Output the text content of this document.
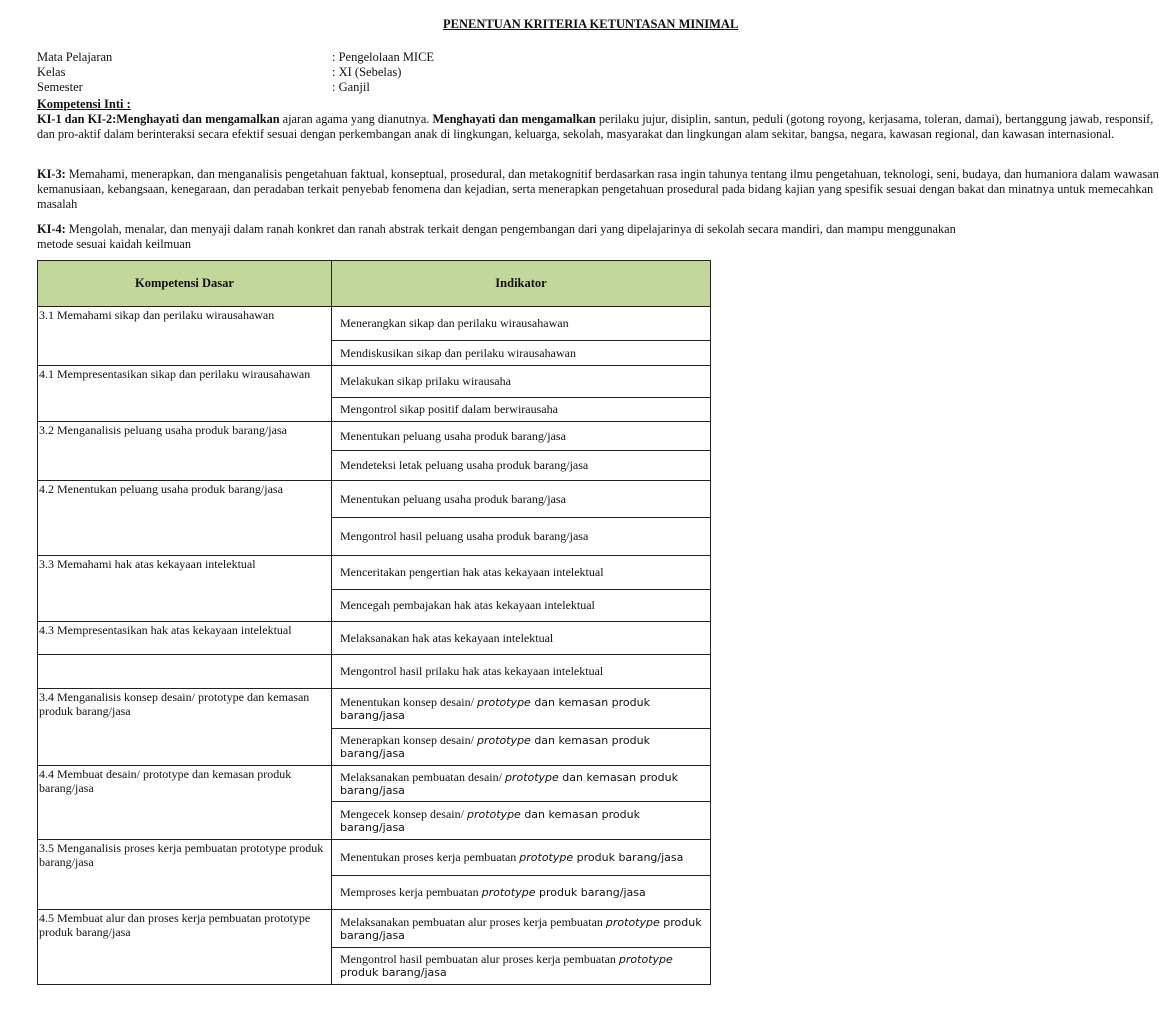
PENENTUAN KRITERIA KETUNTASAN MINIMAL
Mata Pelajaran	: Pengelolaan MICE
Kelas	: XI (Sebelas)
Semester	: Ganjil
Kompetensi Inti :
KI-1 dan KI-2:Menghayati dan mengamalkan ajaran agama yang dianutnya. Menghayati dan mengamalkan perilaku jujur, disiplin, santun, peduli (gotong royong, kerjasama, toleran, damai), bertanggung jawab, responsif,
dan pro-aktif dalam berinteraksi secara efektif sesuai dengan perkembangan anak di lingkungan, keluarga, sekolah, masyarakat dan lingkungan alam sekitar, bangsa, negara, kawasan regional, dan kawasan internasional.
KI-3: Memahami, menerapkan, dan menganalisis pengetahuan faktual, konseptual, prosedural, dan metakognitif berdasarkan rasa ingin tahunya tentang ilmu pengetahuan, teknologi, seni, budaya, dan humaniora dalam wawasan
kemanusiaan, kebangsaan, kenegaraan, dan peradaban terkait penyebab fenomena dan kejadian, serta menerapkan pengetahuan prosedural pada bidang kajian yang spesifik sesuai dengan bakat dan minatnya untuk memecahkan
masalah
KI-4: Mengolah, menalar, dan menyaji dalam ranah konkret dan ranah abstrak terkait dengan pengembangan dari yang dipelajarinya di sekolah secara mandiri, dan mampu menggunakan
metode sesuai kaidah keilmuan
Kompetensi Dasar	Indikator
3.1 Memahami sikap dan perilaku wirausahawan	Menerangkan sikap dan perilaku wirausahawan
	Mendiskusikan sikap dan perilaku wirausahawan
4.1 Mempresentasikan sikap dan perilaku wirausahawan	Melakukan sikap prilaku wirausaha
	Mengontrol sikap positif dalam berwirausaha
3.2 Menganalisis peluang usaha produk barang/jasa	Menentukan peluang usaha produk barang/jasa
	Mendeteksi letak peluang usaha produk barang/jasa
4.2 Menentukan peluang usaha produk barang/jasa	Menentukan peluang usaha produk barang/jasa
	Mengontrol hasil peluang usaha produk barang/jasa
3.3 Memahami hak atas kekayaan intelektual	Menceritakan pengertian hak atas kekayaan intelektual
	Mencegah pembajakan hak atas kekayaan intelektual
4.3 Mempresentasikan hak atas kekayaan intelektual	Melaksanakan hak atas kekayaan intelektual
	Mengontrol hasil prilaku hak atas kekayaan intelektual
3.4 Menganalisis konsep desain/ prototype dan kemasan produk barang/jasa	Menentukan konsep desain/ prototype dan kemasan produk barang/jasa
	Menerapkan konsep desain/ prototype dan kemasan produk barang/jasa
4.4 Membuat desain/ prototype dan kemasan produk barang/jasa	Melaksanakan pembuatan desain/ prototype dan kemasan produk barang/jasa
	Mengecek konsep desain/ prototype dan kemasan produk barang/jasa
3.5 Menganalisis proses kerja pembuatan prototype produk barang/jasa	Menentukan proses kerja pembuatan prototype produk barang/jasa
	Memproses kerja pembuatan prototype produk barang/jasa
4.5 Membuat alur dan proses kerja pembuatan prototype produk barang/jasa	Melaksanakan pembuatan alur proses kerja pembuatan prototype produk barang/jasa
	Mengontrol hasil pembuatan alur proses kerja pembuatan prototype produk barang/jasa
